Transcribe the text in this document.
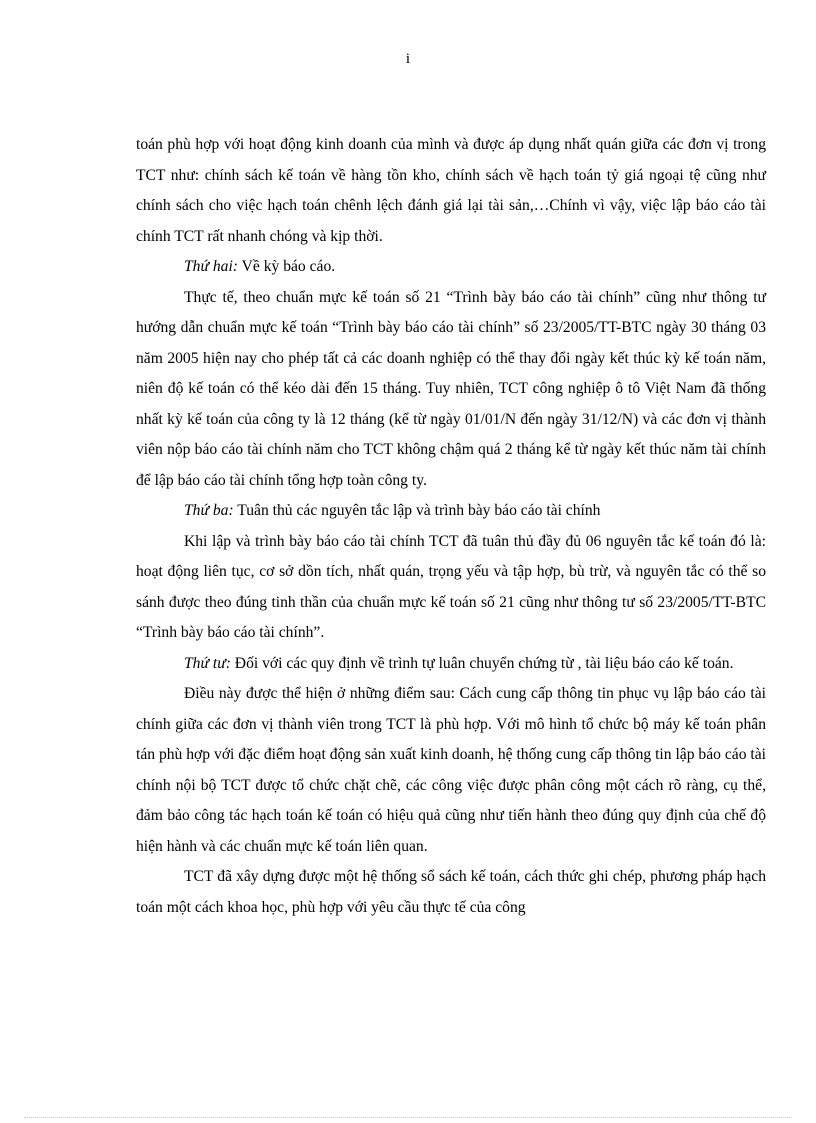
i

toán phù hợp với hoạt động kinh doanh của mình và được áp dụng nhất quán giữa các đơn vị trong TCT như: chính sách kế toán về hàng tồn kho, chính sách về hạch toán tỷ giá ngoại tệ cũng như chính sách cho việc hạch toán chênh lệch đánh giá lại tài sản,…Chính vì vậy, việc lập báo cáo tài chính TCT rất nhanh chóng và kịp thời.

Thứ hai: Về kỳ báo cáo.

Thực tế, theo chuẩn mực kế toán số 21 “Trình bày báo cáo tài chính” cũng như thông tư hướng dẫn chuẩn mực kế toán “Trình bày báo cáo tài chính” số 23/2005/TT-BTC ngày 30 tháng 03 năm 2005 hiện nay cho phép tất cả các doanh nghiệp có thể thay đổi ngày kết thúc kỳ kế toán năm, niên độ kế toán có thể kéo dài đến 15 tháng. Tuy nhiên, TCT công nghiệp ô tô Việt Nam đã thống nhất kỳ kế toán của công ty là 12 tháng (kể từ ngày 01/01/N đến ngày 31/12/N) và các đơn vị thành viên nộp báo cáo tài chính năm cho TCT không chậm quá 2 tháng kể từ ngày kết thúc năm tài chính để lập báo cáo tài chính tổng hợp toàn công ty.

Thứ ba: Tuân thủ các nguyên tắc lập và trình bày báo cáo tài chính

Khi lập và trình bày báo cáo tài chính TCT đã tuân thủ đầy đủ 06 nguyên tắc kế toán đó là: hoạt động liên tục, cơ sở dồn tích, nhất quán, trọng yếu và tập hợp, bù trừ, và nguyên tắc có thể so sánh được theo đúng tinh thần của chuẩn mực kế toán số 21 cũng như thông tư số 23/2005/TT-BTC “Trình bày báo cáo tài chính”.

Thứ tư: Đối với các quy định về trình tự luân chuyển chứng từ , tài liệu báo cáo kế toán.

Điều này được thể hiện ở những điểm sau: Cách cung cấp thông tin phục vụ lập báo cáo tài chính giữa các đơn vị thành viên trong TCT là phù hợp. Với mô hình tổ chức bộ máy kế toán phân tán phù hợp với đặc điểm hoạt động sản xuất kinh doanh, hệ thống cung cấp thông tin lập báo cáo tài chính nội bộ TCT được tổ chức chặt chẽ, các công việc được phân công một cách rõ ràng, cụ thể, đảm bảo công tác hạch toán kế toán có hiệu quả cũng như tiến hành theo đúng quy định của chế độ hiện hành và các chuẩn mực kế toán liên quan.

TCT đã xây dựng được một hệ thống sổ sách kế toán, cách thức ghi chép, phương pháp hạch toán một cách khoa học, phù hợp với yêu cầu thực tế của công
